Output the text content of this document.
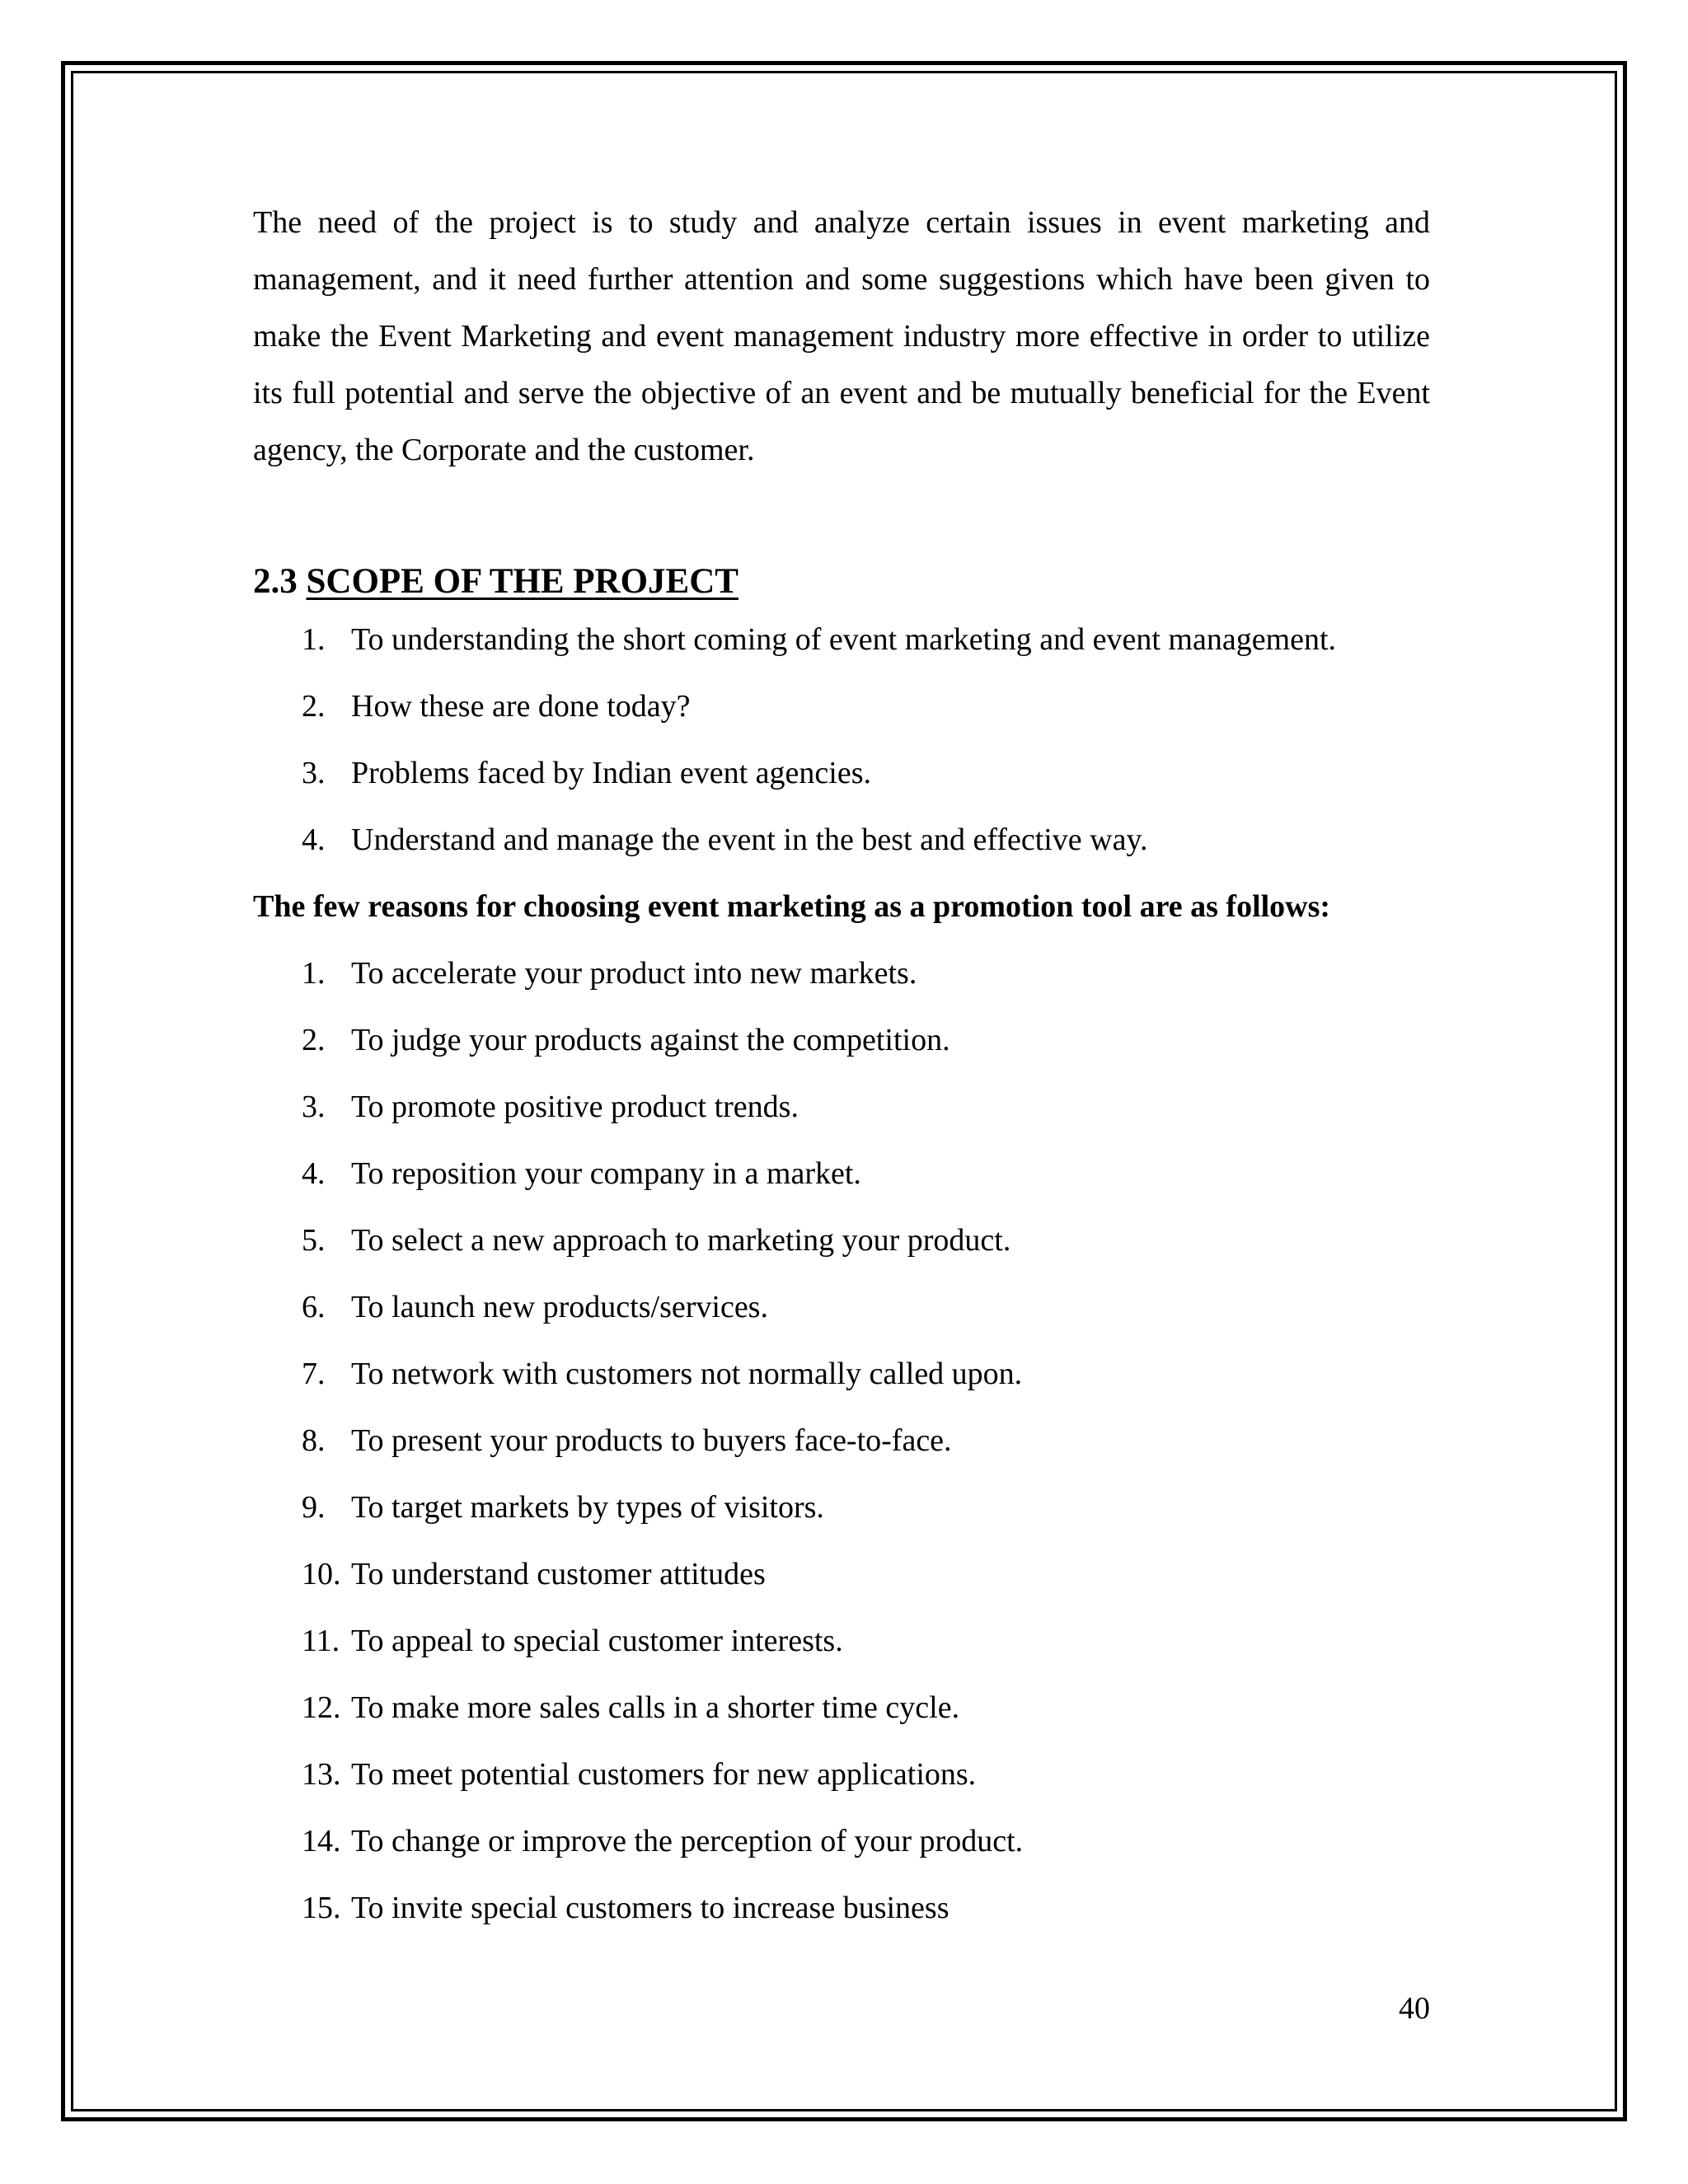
The need of the project is to study and analyze certain issues in event marketing and management, and it need further attention and some suggestions which have been given to make the Event Marketing and event management industry more effective in order to utilize its full potential and serve the objective of an event and be mutually beneficial for the Event agency, the Corporate and the customer.

2.3 SCOPE OF THE PROJECT
1. To understanding the short coming of event marketing and event management.
2. How these are done today?
3. Problems faced by Indian event agencies.
4. Understand and manage the event in the best and effective way.

The few reasons for choosing event marketing as a promotion tool are as follows:

1. To accelerate your product into new markets.
2. To judge your products against the competition.
3. To promote positive product trends.
4. To reposition your company in a market.
5. To select a new approach to marketing your product.
6. To launch new products/services.
7. To network with customers not normally called upon.
8. To present your products to buyers face-to-face.
9. To target markets by types of visitors.
10. To understand customer attitudes
11. To appeal to special customer interests.
12. To make more sales calls in a shorter time cycle.
13. To meet potential customers for new applications.
14. To change or improve the perception of your product.
15. To invite special customers to increase business
40
